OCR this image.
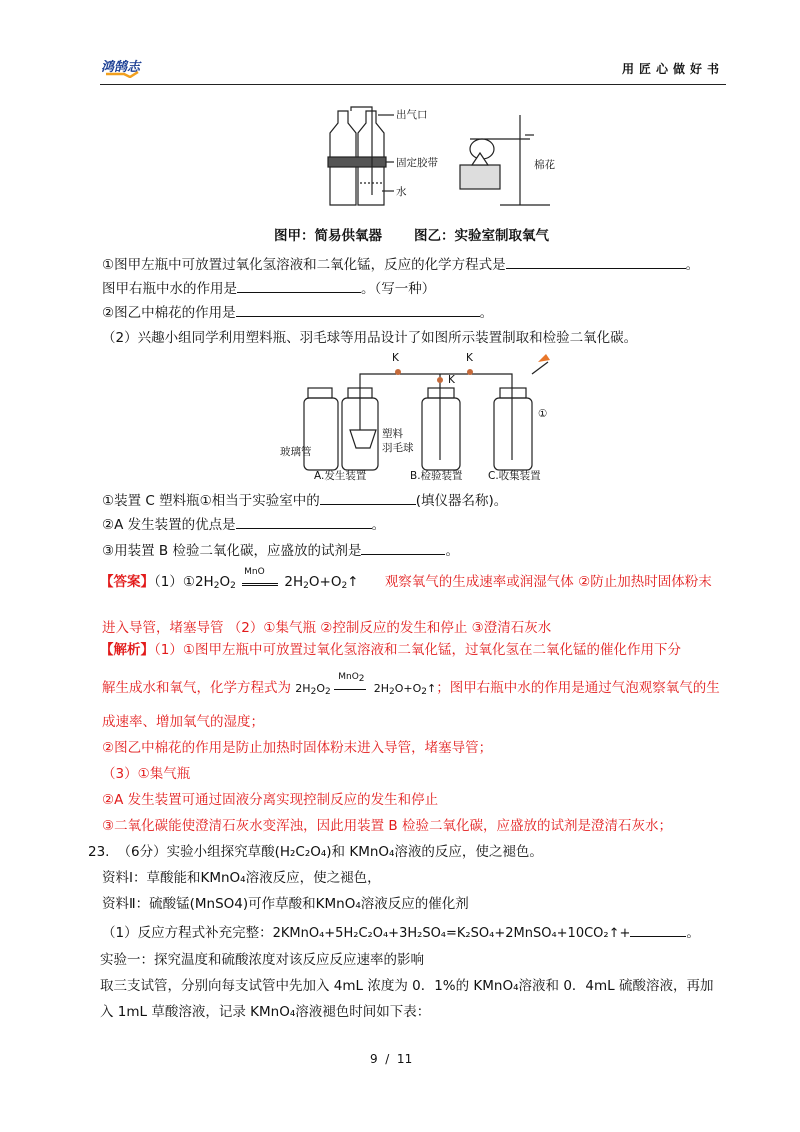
鸿鹄志	用匠心做好书
出气口
固定胶带
水
棉花
图甲：简易供氧器 图乙：实验室制取氧气
①图甲左瓶中可放置过氧化氢溶液和二氧化锰，反应的化学方程式是	。
图甲右瓶中水的作用是	。（写一种）
②图乙中棉花的作用是	。
（2）兴趣小组同学利用塑料瓶、羽毛球等用品设计了如图所示装置制取和检验二氧化碳。
K
K
K
玻璃管
塑料
羽毛球
A.发生装置	B.检验装置 C.收集装置
①
①装置 C 塑料瓶①相当于实验室中的	(填仪器名称)。
②A 发生装置的优点是	。
③用装置 B 检验二氧化碳，应盛放的试剂是	。
【答案】$(1)①2H_2O_2$
MnO
$2H_2O+O_2↑$ 观察氧气的生成速率或润湿气体 ②防止加热时固体粉末
进入导管，堵塞导管 （2）①集气瓶 ②控制反应的发生和停止 ③澄清石灰水
【解析】（1）①图甲左瓶中可放置过氧化氢溶液和二氧化锰，过氧化氢在二氧化锰的催化作用下分
解生成水和氧气，化学方程式为 $2H_2O_2$
MnO2
$2H_2O+O_2↑$；图甲右瓶中水的作用是通过气泡观察氧气的生
成速率、增加氧气的湿度；
②图乙中棉花的作用是防止加热时固体粉末进入导管，堵塞导管；
（3）①集气瓶
②A 发生装置可通过固液分离实现控制反应的发生和停止
③二氧化碳能使澄清石灰水变浑浊，因此用装置 B 检验二氧化碳，应盛放的试剂是澄清石灰水；
23. （6分）实验小组探究草酸(H₂C₂O₄)和 KMnO₄溶液的反应，使之褪色。
资料Ⅰ：草酸能和KMnO₄溶液反应，使之褪色，
资料Ⅱ：硫酸锰(MnSO4)可作草酸和KMnO₄溶液反应的催化剂
（1）反应方程式补充完整：2KMnO₄+5H₂C₂O₄+3H₂SO₄=K₂SO₄+2MnSO₄+10CO₂↑+	。
实验一：探究温度和硫酸浓度对该反应反应速率的影响
取三支试管，分别向每支试管中先加入 4mL 浓度为 0．1%的 KMnO₄溶液和 0．4mL 硫酸溶液，再加
入 1mL 草酸溶液，记录 KMnO₄溶液褪色时间如下表：
9  /  11
